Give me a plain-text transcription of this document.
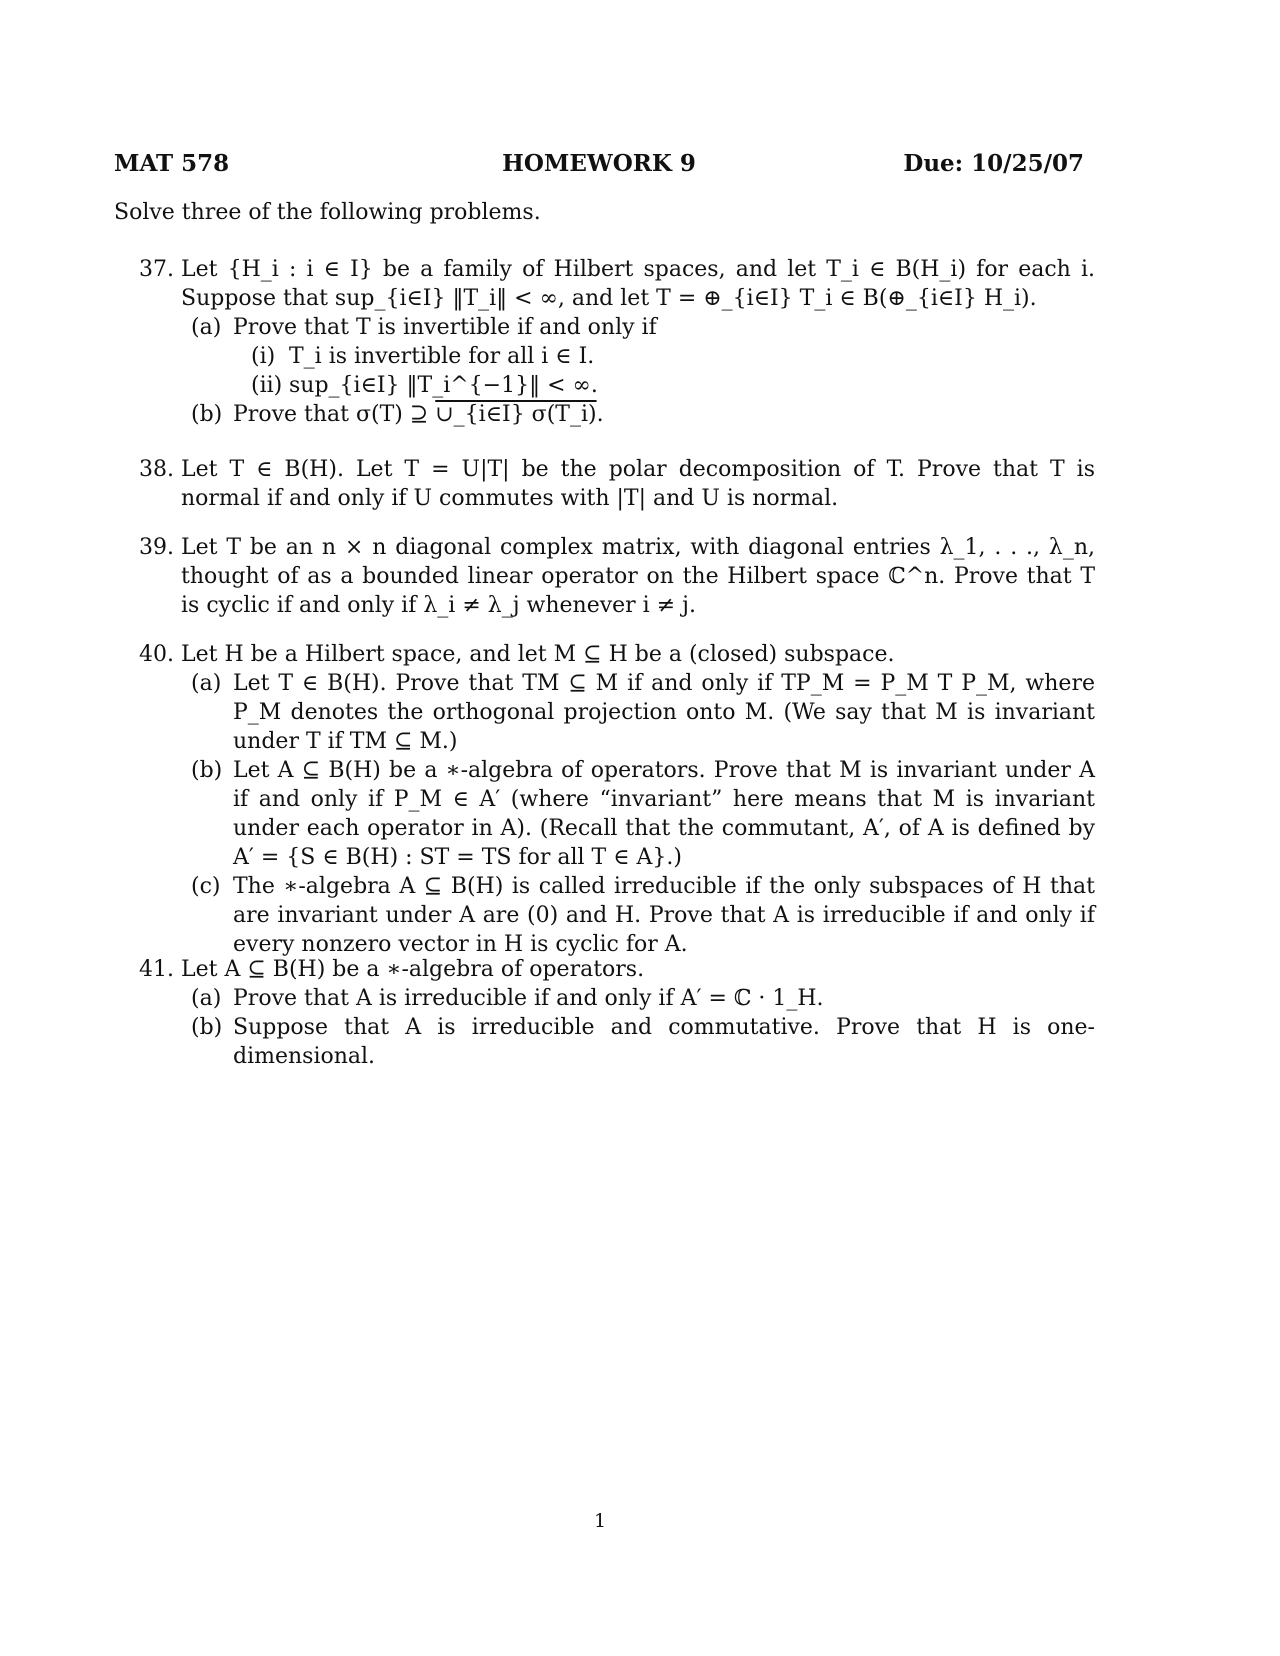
MAT 578	HOMEWORK 9	Due: 10/25/07
Solve three of the following problems.
37. Let {H_i : i ∈ I} be a family of Hilbert spaces, and let T_i ∈ B(H_i) for each i. Suppose that sup_{i∈I} ‖T_i‖ < ∞, and let T = ⊕_{i∈I} T_i ∈ B(⊕_{i∈I} H_i).
(a) Prove that T is invertible if and only if
(i) T_i is invertible for all i ∈ I.
(ii) sup_{i∈I} ‖T_i^{−1}‖ < ∞.
(b) Prove that σ(T) ⊇ ∪_{i∈I} σ(T_i).
38. Let T ∈ B(H). Let T = U|T| be the polar decomposition of T. Prove that T is normal if and only if U commutes with |T| and U is normal.
39. Let T be an n × n diagonal complex matrix, with diagonal entries λ_1, . . ., λ_n, thought of as a bounded linear operator on the Hilbert space ℂ^n. Prove that T is cyclic if and only if λ_i ≠ λ_j whenever i ≠ j.
40. Let H be a Hilbert space, and let M ⊆ H be a (closed) subspace.
(a) Let T ∈ B(H). Prove that TM ⊆ M if and only if TP_M = P_M T P_M, where P_M denotes the orthogonal projection onto M. (We say that M is invariant under T if TM ⊆ M.)
(b) Let A ⊆ B(H) be a ∗-algebra of operators. Prove that M is invariant under A if and only if P_M ∈ A′ (where “invariant” here means that M is invariant under each operator in A). (Recall that the commutant, A′, of A is defined by A′ = {S ∈ B(H) : ST = TS for all T ∈ A}.)
(c) The ∗-algebra A ⊆ B(H) is called irreducible if the only subspaces of H that are invariant under A are (0) and H. Prove that A is irreducible if and only if every nonzero vector in H is cyclic for A.
41. Let A ⊆ B(H) be a ∗-algebra of operators.
(a) Prove that A is irreducible if and only if A′ = ℂ · 1_H.
(b) Suppose that A is irreducible and commutative. Prove that H is one-dimensional.
1
